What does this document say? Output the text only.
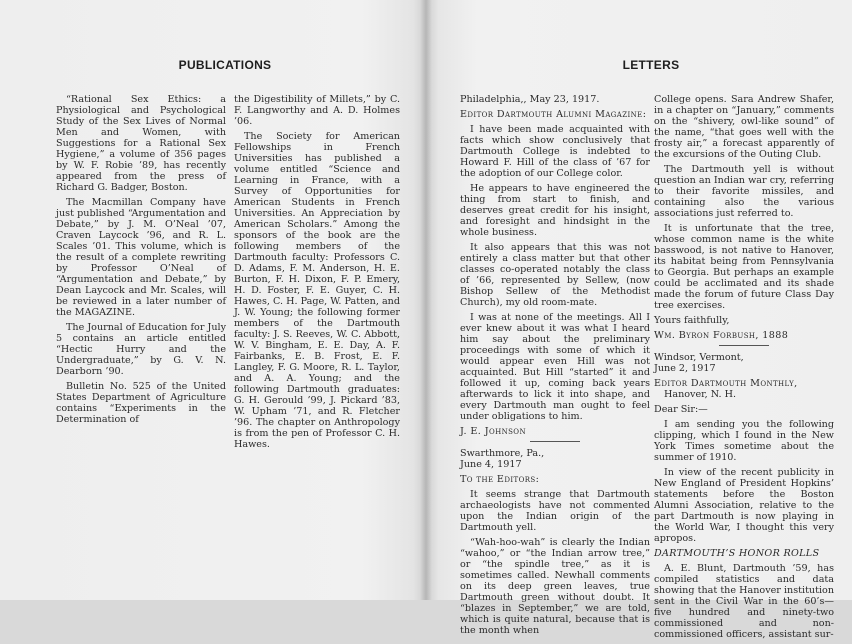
PUBLICATIONS

“Rational Sex Ethics: a Physiological and Psychological Study of the Sex Lives of Normal Men and Women, with Suggestions for a Rational Sex Hygiene,” a volume of 356 pages by W. F. Robie ’89, has recently appeared from the press of Richard G. Badger, Boston.

The Macmillan Company have just published “Argumentation and Debate,” by J. M. O’Neal ’07, Craven Laycock ’96, and R. L. Scales ’01. This volume, which is the result of a complete rewriting by Professor O’Neal of “Argumentation and Debate,” by Dean Laycock and Mr. Scales, will be reviewed in a later number of the MAGAZINE.

The Journal of Education for July 5 contains an article entitled “Hectic Hurry and the Undergraduate,” by G. V. N. Dearborn ’90.

Bulletin No. 525 of the United States Department of Agriculture contains “Experiments in the Determination of

the Digestibility of Millets,” by C. F. Langworthy and A. D. Holmes ’06.

The Society for American Fellowships in French Universities has published a volume entitled “Science and Learning in France, with a Survey of Opportunities for American Students in French Universities. An Appreciation by American Scholars.” Among the sponsors of the book are the following members of the Dartmouth faculty: Professors C. D. Adams, F. M. Anderson, H. E. Burton, F. H. Dixon, F. P. Emery, H. D. Foster, F. E. Guyer, C. H. Hawes, C. H. Page, W. Patten, and J. W. Young; the following former members of the Dartmouth faculty: J. S. Reeves, W. C. Abbott, W. V. Bingham, E. E. Day, A. F. Fairbanks, E. B. Frost, E. F. Langley, F. G. Moore, R. L. Taylor, and A. A. Young; and the following Dartmouth graduates: G. H. Gerould ’99, J. Pickard ’83, W. Upham ’71, and R. Fletcher ’96. The chapter on Anthropology is from the pen of Professor C. H. Hawes.

LETTERS

Philadelphia,, May 23, 1917.

Editor Dartmouth Alumni Magazine:

I have been made acquainted with facts which show conclusively that Dartmouth College is indebted to Howard F. Hill of the class of ’67 for the adoption of our College color.

He appears to have engineered the thing from start to finish, and deserves great credit for his insight, and foresight and hindsight in the whole business.

It also appears that this was not entirely a class matter but that other classes co-operated notably the class of ’66, represented by Sellew, (now Bishop Sellew of the Methodist Church), my old room-mate.

I was at none of the meetings. All I ever knew about it was what I heard him say about the preliminary proceedings with some of which it would appear even Hill was not acquainted. But Hill “started” it and followed it up, coming back years afterwards to lick it into shape, and every Dartmouth man ought to feel under obligations to him.

J. E. Johnson

Swarthmore, Pa.,

June 4, 1917

To the Editors:

It seems strange that Dartmouth archaeologists have not commented upon the Indian origin of the Dartmouth yell.

“Wah-hoo-wah” is clearly the Indian “wahoo,” or “the Indian arrow tree,” or “the spindle tree,” as it is sometimes called. Newhall comments on its deep green leaves, true Dartmouth green without doubt. It “blazes in September,” we are told, which is quite natural, because that is the month when

College opens. Sara Andrew Shafer, in a chapter on “January,” comments on the “shivery, owl-like sound” of the name, “that goes well with the frosty air,” a forecast apparently of the excursions of the Outing Club.

The Dartmouth yell is without question an Indian war cry, referring to their favorite missiles, and containing also the various associations just referred to.

It is unfortunate that the tree, whose common name is the white basswood, is not native to Hanover, its habitat being from Pennsylvania to Georgia. But perhaps an example could be acclimated and its shade made the forum of future Class Day tree exercises.

Yours faithfully,

Wm. Byron Forbush, 1888

Windsor, Vermont,

June 2, 1917

Editor Dartmouth Monthly,

Hanover, N. H.

Dear Sir:—

I am sending you the following clipping, which I found in the New York Times sometime about the summer of 1910.

In view of the recent publicity in New England of President Hopkins’ statements before the Boston Alumni Association, relative to the part Dartmouth is now playing in the World War, I thought this very apropos.

DARTMOUTH’S HONOR ROLLS

A. E. Blunt, Dartmouth ’59, has compiled statistics and data showing that the Hanover institution sent in the Civil War in the 60’s—five hundred and ninety-two commissioned and non-commissioned officers, assistant sur-
